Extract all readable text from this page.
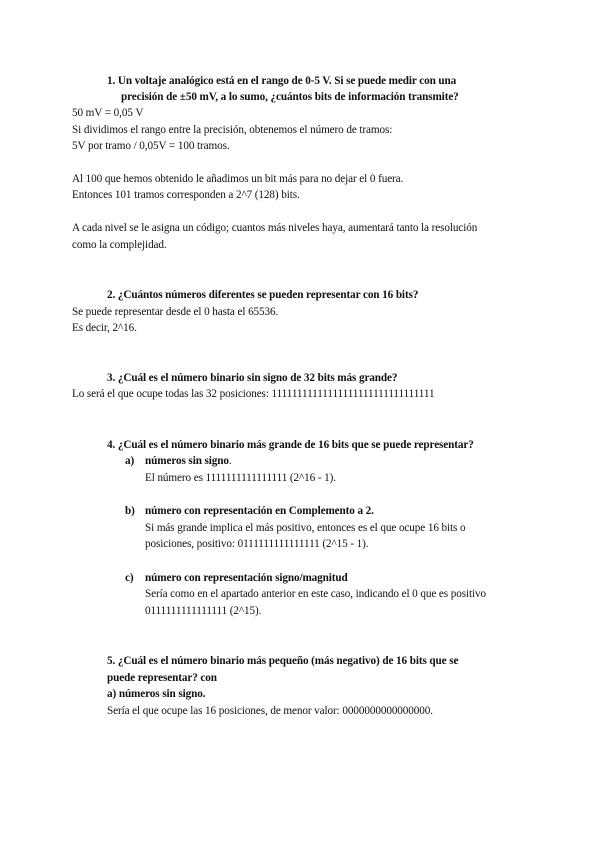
1. Un voltaje analógico está en el rango de 0-5 V. Si se puede medir con una
precisión de ±50 mV, a lo sumo, ¿cuántos bits de información transmite?
50 mV = 0,05 V
Si dividimos el rango entre la precisión, obtenemos el número de tramos:
5V por tramo / 0,05V = 100 tramos.
Al 100 que hemos obtenido le añadimos un bit más para no dejar el 0 fuera.
Entonces 101 tramos corresponden a 2^7 (128) bits.
A cada nivel se le asigna un código; cuantos más niveles haya, aumentará tanto la resolución
como la complejidad.
2. ¿Cuántos números diferentes se pueden representar con 16 bits?
Se puede representar desde el 0 hasta el 65536.
Es decir, 2^16.
3. ¿Cuál es el número binario sin signo de 32 bits más grande?
Lo será el que ocupe todas las 32 posiciones: 11111111111111111111111111111111
4. ¿Cuál es el número binario más grande de 16 bits que se puede representar?
a) números sin signo.
El número es 1111111111111111 (2^16 - 1).
b) número con representación en Complemento a 2.
Si más grande implica el más positivo, entonces es el que ocupe 16 bits o
posiciones, positivo: 0111111111111111 (2^15 - 1).
c) número con representación signo/magnitud
Sería como en el apartado anterior en este caso, indicando el 0 que es positivo
0111111111111111 (2^15).
5. ¿Cuál es el número binario más pequeño (más negativo) de 16 bits que se
puede representar? con
a) números sin signo.
Sería el que ocupe las 16 posiciones, de menor valor: 0000000000000000.
